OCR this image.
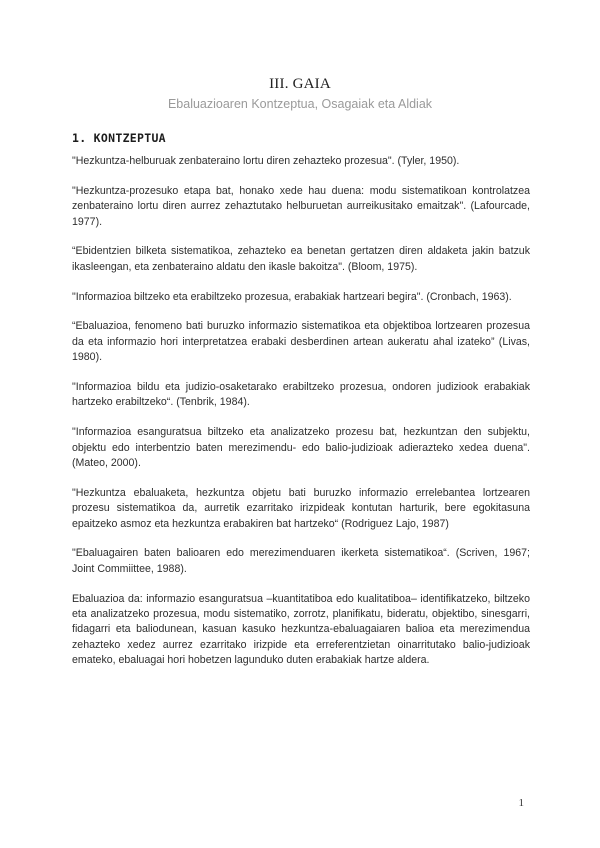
III. GAIA
Ebaluazioaren Kontzeptua, Osagaiak eta Aldiak
1. KONTZEPTUA

"Hezkuntza-helburuak zenbateraino lortu diren zehazteko prozesua". (Tyler, 1950).

"Hezkuntza-prozesuko etapa bat, honako xede hau duena: modu sistematikoan kontrolatzea zenbateraino lortu diren aurrez zehaztutako helburuetan aurreikusitako emaitzak". (Lafourcade, 1977).

“Ebidentzien bilketa sistematikoa, zehazteko ea benetan gertatzen diren aldaketa jakin batzuk ikasleengan, eta zenbateraino aldatu den ikasle bakoitza". (Bloom, 1975).

"Informazioa biltzeko eta erabiltzeko prozesua, erabakiak hartzeari begira". (Cronbach, 1963).

“Ebaluazioa, fenomeno bati buruzko informazio sistematikoa eta objektiboa lortzearen prozesua da eta informazio hori interpretatzea erabaki desberdinen artean aukeratu ahal izateko” (Livas, 1980).

"Informazioa bildu eta judizio-osaketarako erabiltzeko prozesua, ondoren judiziook erabakiak hartzeko erabiltzeko“. (Tenbrik, 1984).

"Informazioa esanguratsua biltzeko eta analizatzeko prozesu bat, hezkuntzan den subjektu, objektu edo interbentzio baten merezimendu- edo balio-judizioak adierazteko xedea duena". (Mateo, 2000).

"Hezkuntza ebaluaketa, hezkuntza objetu bati buruzko informazio errelebantea lortzearen prozesu sistematikoa da, aurretik ezarritako irizpideak kontutan harturik, bere egokitasuna epaitzeko asmoz eta hezkuntza erabakiren bat hartzeko“ (Rodriguez Lajo, 1987)

"Ebaluagairen baten balioaren edo merezimenduaren ikerketa sistematikoa“. (Scriven, 1967; Joint Commiittee, 1988).

Ebaluazioa da: informazio esanguratsua –kuantitatiboa edo kualitatiboa– identifikatzeko, biltzeko eta analizatzeko prozesua, modu sistematiko, zorrotz, planifikatu, bideratu, objektibo, sinesgarri, fidagarri eta baliodunean, kasuan kasuko hezkuntza-ebaluagaiaren balioa eta merezimendua zehazteko xedez aurrez ezarritako irizpide eta erreferentzietan oinarritutako balio-judizioak emateko, ebaluagai hori hobetzen lagunduko duten erabakiak hartze aldera.

1
